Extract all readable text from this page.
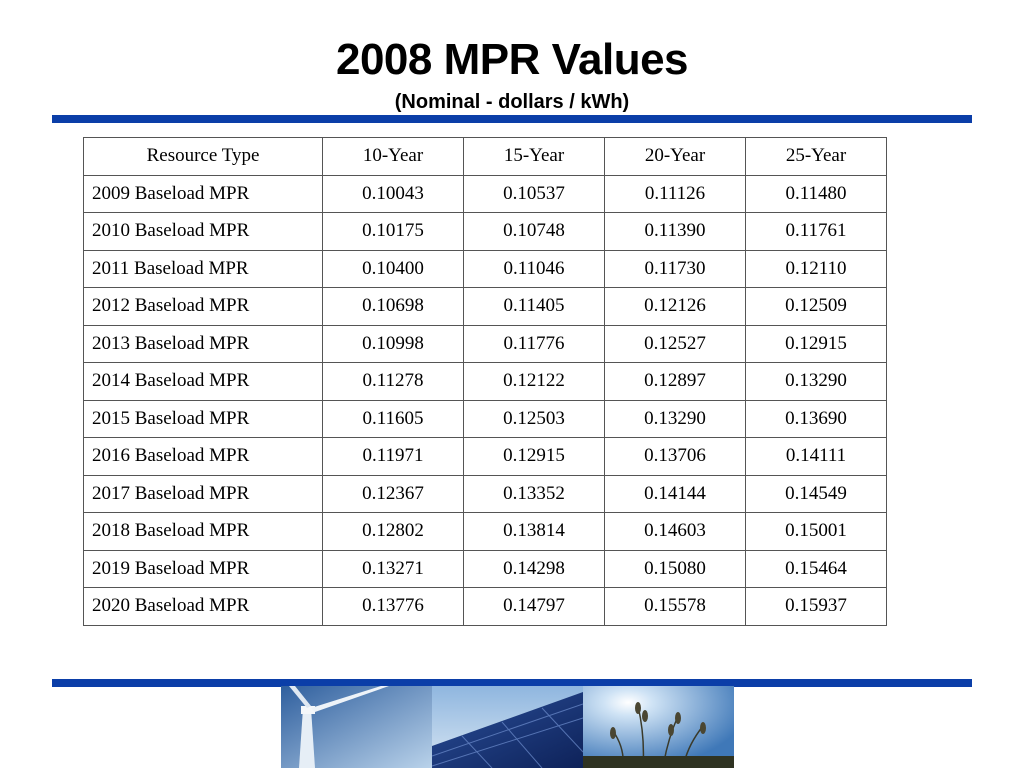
2008 MPR Values
(Nominal - dollars / kWh)
Resource Type	10-Year	15-Year	20-Year	25-Year
2009 Baseload MPR	0.10043	0.10537	0.11126	0.11480
2010 Baseload MPR	0.10175	0.10748	0.11390	0.11761
2011 Baseload MPR	0.10400	0.11046	0.11730	0.12110
2012 Baseload MPR	0.10698	0.11405	0.12126	0.12509
2013 Baseload MPR	0.10998	0.11776	0.12527	0.12915
2014 Baseload MPR	0.11278	0.12122	0.12897	0.13290
2015 Baseload MPR	0.11605	0.12503	0.13290	0.13690
2016 Baseload MPR	0.11971	0.12915	0.13706	0.14111
2017 Baseload MPR	0.12367	0.13352	0.14144	0.14549
2018 Baseload MPR	0.12802	0.13814	0.14603	0.15001
2019 Baseload MPR	0.13271	0.14298	0.15080	0.15464
2020 Baseload MPR	0.13776	0.14797	0.15578	0.15937
